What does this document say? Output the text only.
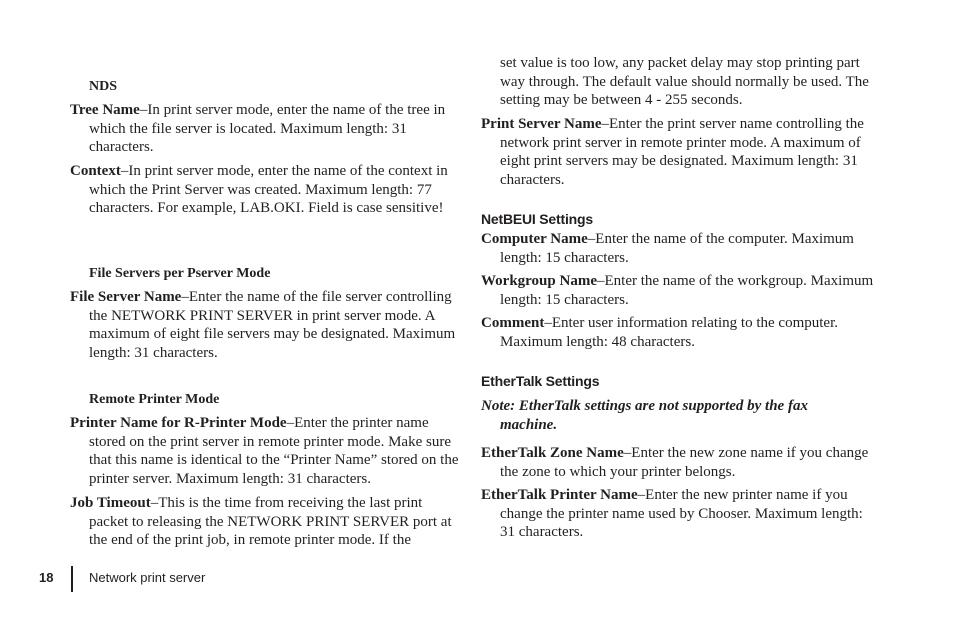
NDS
Tree Name–In print server mode, enter the name of the tree in which the file server is located. Maximum length: 31 characters.
Context–In print server mode, enter the name of the context in which the Print Server was created. Maximum length: 77 characters. For example, LAB.OKI. Field is case sensitive!
File Servers per Pserver Mode
File Server Name–Enter the name of the file server controlling the NETWORK PRINT SERVER in print server mode. A maximum of eight file servers may be designated. Maximum length: 31 characters.
Remote Printer Mode
Printer Name for R-Printer Mode–Enter the printer name stored on the print server in remote printer mode. Make sure that this name is identical to the “Printer Name” stored on the printer server. Maximum length: 31 characters.
Job Timeout–This is the time from receiving the last print packet to releasing the NETWORK PRINT SERVER port at the end of the print job, in remote printer mode. If the
set value is too low, any packet delay may stop printing part way through. The default value should normally be used. The setting may be between 4 - 255 seconds.
Print Server Name–Enter the print server name controlling the network print server in remote printer mode. A maximum of eight print servers may be designated. Maximum length: 31 characters.
NetBEUI Settings
Computer Name–Enter the name of the computer. Maximum length: 15 characters.
Workgroup Name–Enter the name of the workgroup. Maximum length: 15 characters.
Comment–Enter user information relating to the computer. Maximum length: 48 characters.
EtherTalk Settings
Note: EtherTalk settings are not supported by the fax machine.
EtherTalk Zone Name–Enter the new zone name if you change the zone to which your printer belongs.
EtherTalk Printer Name–Enter the new printer name if you change the printer name used by Chooser. Maximum length: 31 characters.
18	Network print server
